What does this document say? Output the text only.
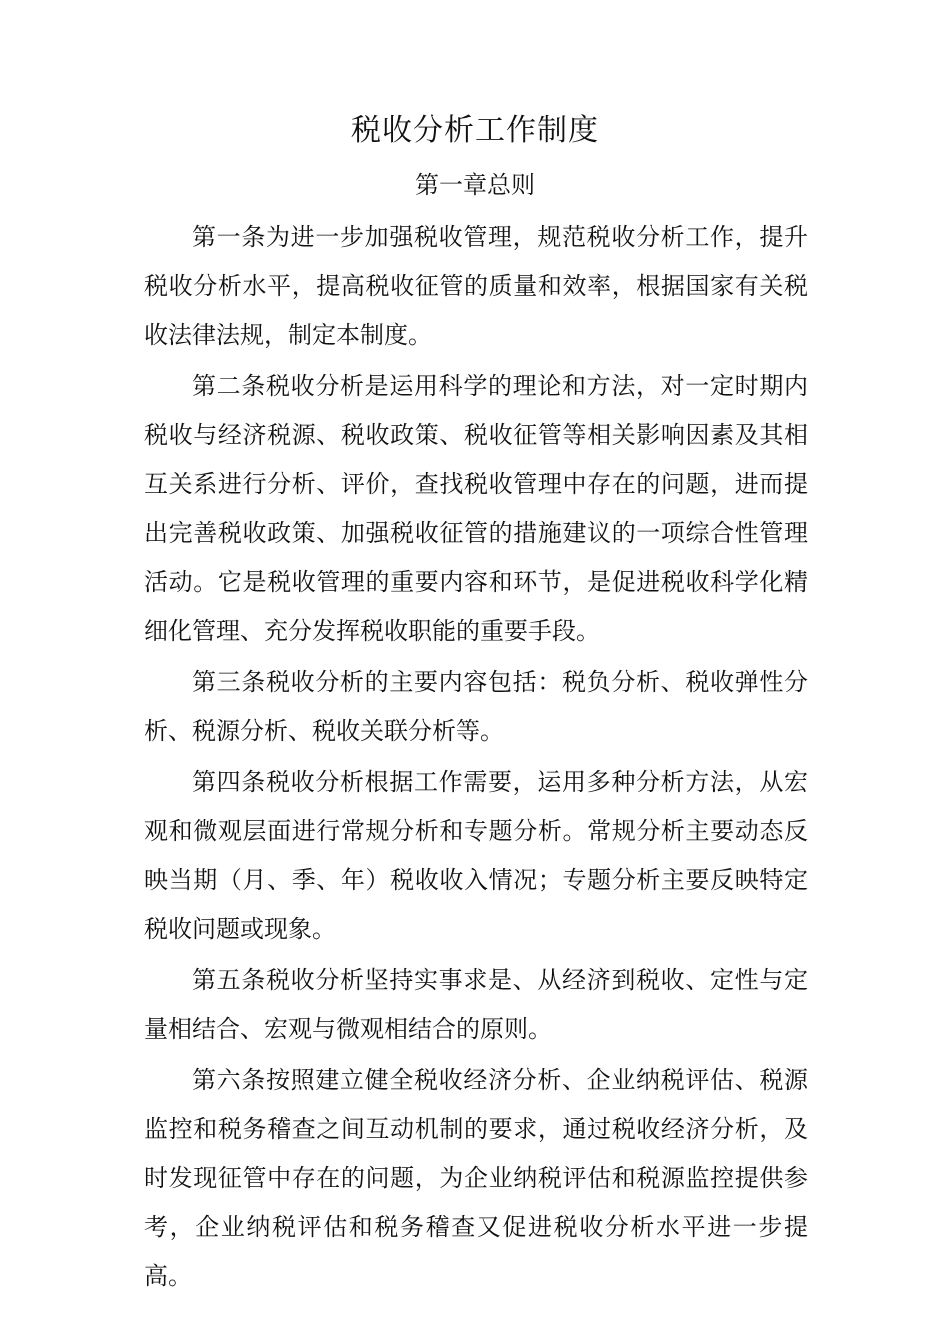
税收分析工作制度
第一章总则

第一条为进一步加强税收管理，规范税收分析工作，提升税收分析水平，提高税收征管的质量和效率，根据国家有关税收法律法规，制定本制度。

第二条税收分析是运用科学的理论和方法，对一定时期内税收与经济税源、税收政策、税收征管等相关影响因素及其相互关系进行分析、评价，查找税收管理中存在的问题，进而提出完善税收政策、加强税收征管的措施建议的一项综合性管理活动。它是税收管理的重要内容和环节，是促进税收科学化精细化管理、充分发挥税收职能的重要手段。

第三条税收分析的主要内容包括：税负分析、税收弹性分析、税源分析、税收关联分析等。

第四条税收分析根据工作需要，运用多种分析方法，从宏观和微观层面进行常规分析和专题分析。常规分析主要动态反映当期（月、季、年）税收收入情况；专题分析主要反映特定税收问题或现象。

第五条税收分析坚持实事求是、从经济到税收、定性与定量相结合、宏观与微观相结合的原则。

第六条按照建立健全税收经济分析、企业纳税评估、税源监控和税务稽查之间互动机制的要求，通过税收经济分析，及时发现征管中存在的问题，为企业纳税评估和税源监控提供参考，企业纳税评估和税务稽查又促进税收分析水平进一步提高。
